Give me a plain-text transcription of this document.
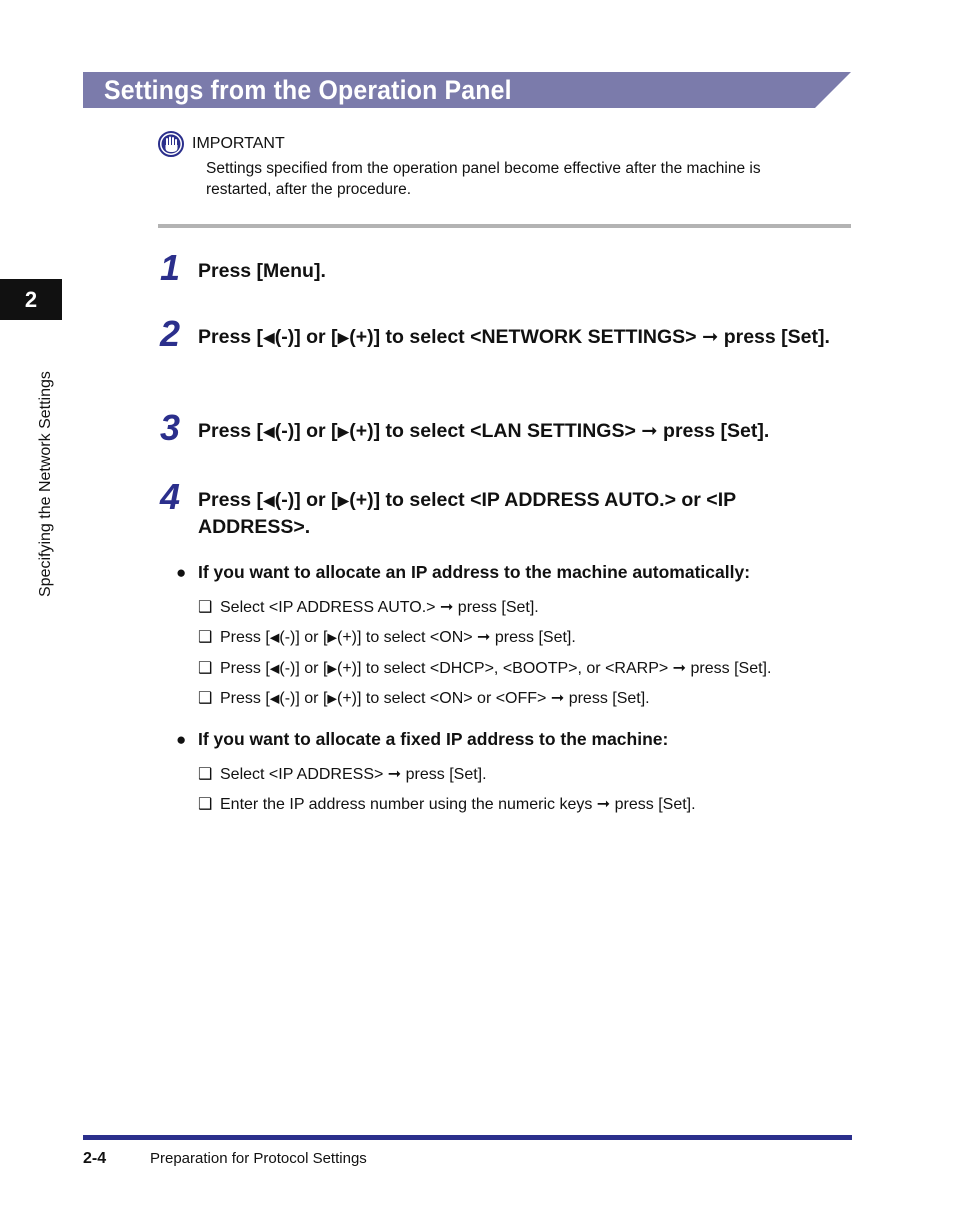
Settings from the Operation Panel
IMPORTANT
Settings specified from the operation panel become effective after the machine is restarted, after the procedure.
1 Press [Menu].
2 Press [◀(-)] or [▶(+)] to select <NETWORK SETTINGS> ➞ press [Set].
3 Press [◀(-)] or [▶(+)] to select <LAN SETTINGS> ➞ press [Set].
4 Press [◀(-)] or [▶(+)] to select <IP ADDRESS AUTO.> or <IP ADDRESS>.
● If you want to allocate an IP address to the machine automatically:
❑ Select <IP ADDRESS AUTO.> ➞ press [Set].
❑ Press [◀(-)] or [▶(+)] to select <ON> ➞ press [Set].
❑ Press [◀(-)] or [▶(+)] to select <DHCP>, <BOOTP>, or <RARP> ➞ press [Set].
❑ Press [◀(-)] or [▶(+)] to select <ON> or <OFF> ➞ press [Set].
● If you want to allocate a fixed IP address to the machine:
❑ Select <IP ADDRESS> ➞ press [Set].
❑ Enter the IP address number using the numeric keys ➞ press [Set].
2
Specifying the Network Settings
2-4	Preparation for Protocol Settings
